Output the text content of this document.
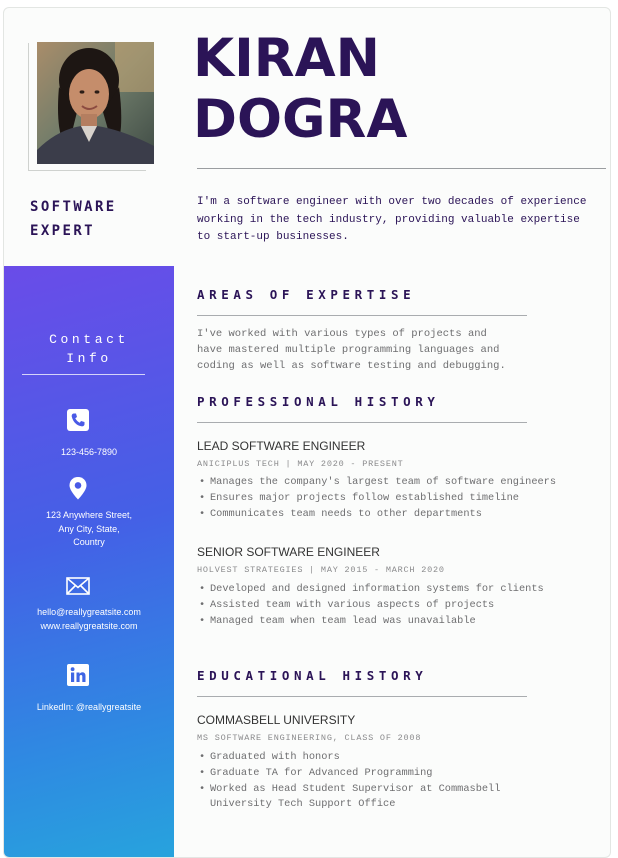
KIRAN
DOGRA
SOFTWARE
EXPERT
I'm a software engineer with over two decades of experience working in the tech industry, providing valuable expertise to start-up businesses.
Contact
Info
123-456-7890
123 Anywhere Street,
Any City, State,
Country
hello@reallygreatsite.com
www.reallygreatsite.com
LinkedIn: @reallygreatsite
AREAS OF EXPERTISE
I've worked with various types of projects and have mastered multiple programming languages and coding as well as software testing and debugging.
PROFESSIONAL HISTORY
LEAD SOFTWARE ENGINEER
ANICIPLUS TECH | MAY 2020 - PRESENT
• Manages the company's largest team of software engineers
• Ensures major projects follow established timeline
• Communicates team needs to other departments
SENIOR SOFTWARE ENGINEER
HOLVEST STRATEGIES | MAY 2015 - MARCH 2020
• Developed and designed information systems for clients
• Assisted team with various aspects of projects
• Managed team when team lead was unavailable
EDUCATIONAL HISTORY
COMMASBELL UNIVERSITY
MS SOFTWARE ENGINEERING, CLASS OF 2008
• Graduated with honors
• Graduate TA for Advanced Programming
• Worked as Head Student Supervisor at Commasbell University Tech Support Office
